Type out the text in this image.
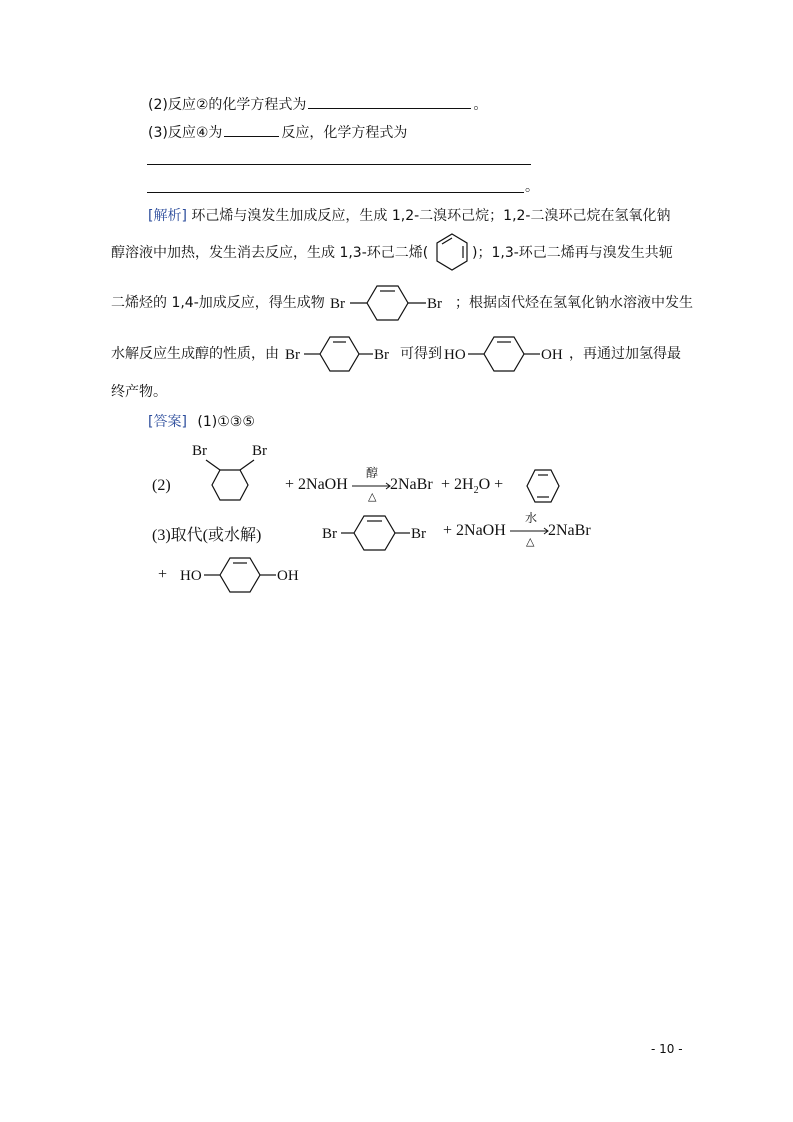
(2)反应②的化学方程式为	。
(3)反应④为	反应，化学方程式为
。
[解析] 环己烯与溴发生加成反应，生成 1,2-二溴环己烷；1,2-二溴环己烷在氢氧化钠
醇溶液中加热，发生消去反应，生成 1,3-环己二烯(	)；1,3-环己二烯再与溴发生共轭
二烯烃的 1,4-加成反应，得生成物 Br	Br ；根据卤代烃在氢氧化钠水溶液中发生
水解反应生成醇的性质，由 Br	Br 可得到 HO	OH ，再通过加氢得最
终产物。
[答案] (1)①③⑤
(2)
Br	Br
+ 2NaOH
醇
△
2NaBr + $2H_2O$ +
(3)取代(或水解)	Br	Br + 2NaOH
水
△
2NaBr
+ HO	OH
- 10 -
